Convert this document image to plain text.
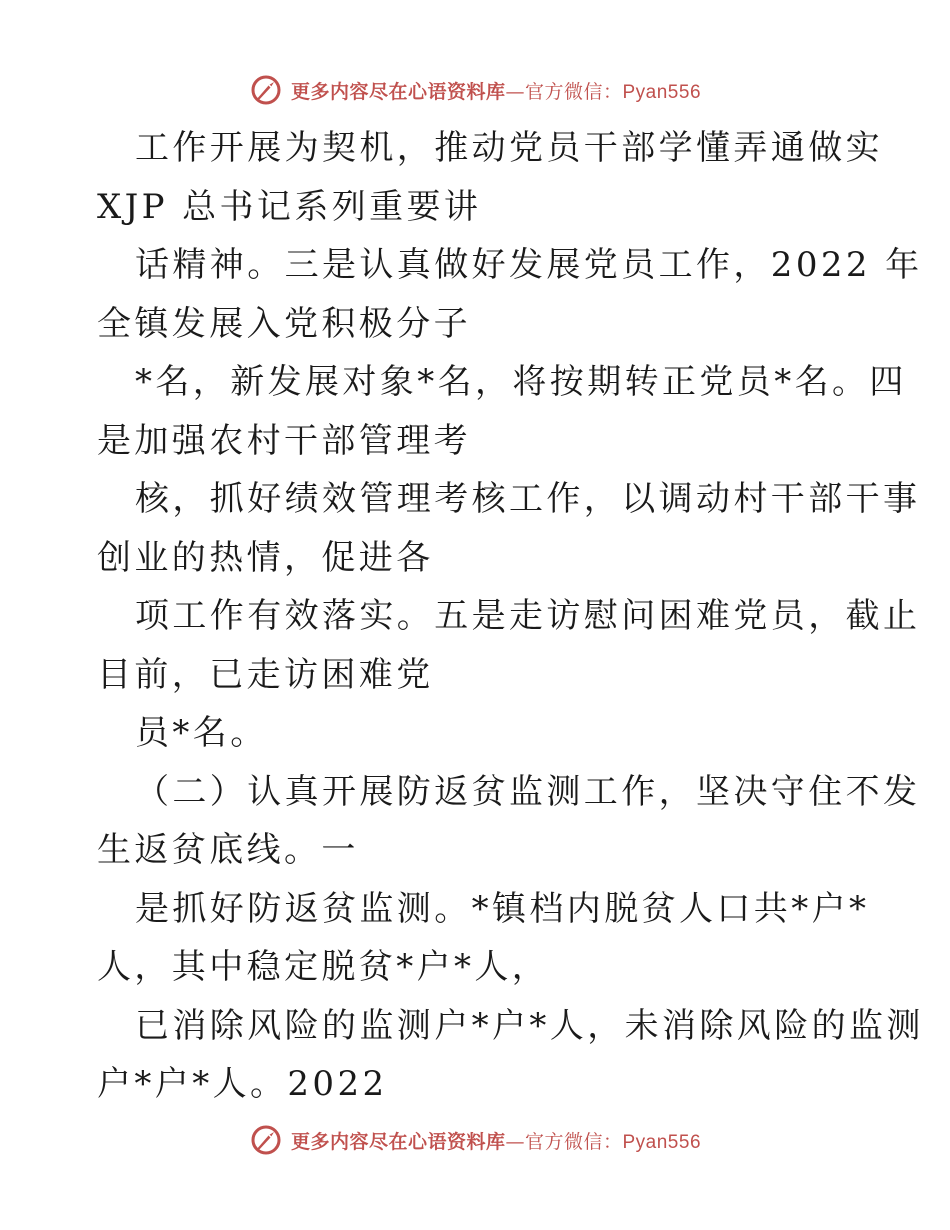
更多内容尽在心语资料库—官方微信：Pyan556
工作开展为契机，推动党员干部学懂弄通做实
XJP 总书记系列重要讲
话精神。三是认真做好发展党员工作，2022 年
全镇发展入党积极分子
*名，新发展对象*名，将按期转正党员*名。四
是加强农村干部管理考
核，抓好绩效管理考核工作，以调动村干部干事
创业的热情，促进各
项工作有效落实。五是走访慰问困难党员，截止
目前，已走访困难党
员*名。
（二）认真开展防返贫监测工作，坚决守住不发
生返贫底线。一
是抓好防返贫监测。*镇档内脱贫人口共*户*
人，其中稳定脱贫*户*人，
已消除风险的监测户*户*人，未消除风险的监测
户*户*人。2022
更多内容尽在心语资料库—官方微信：Pyan556
